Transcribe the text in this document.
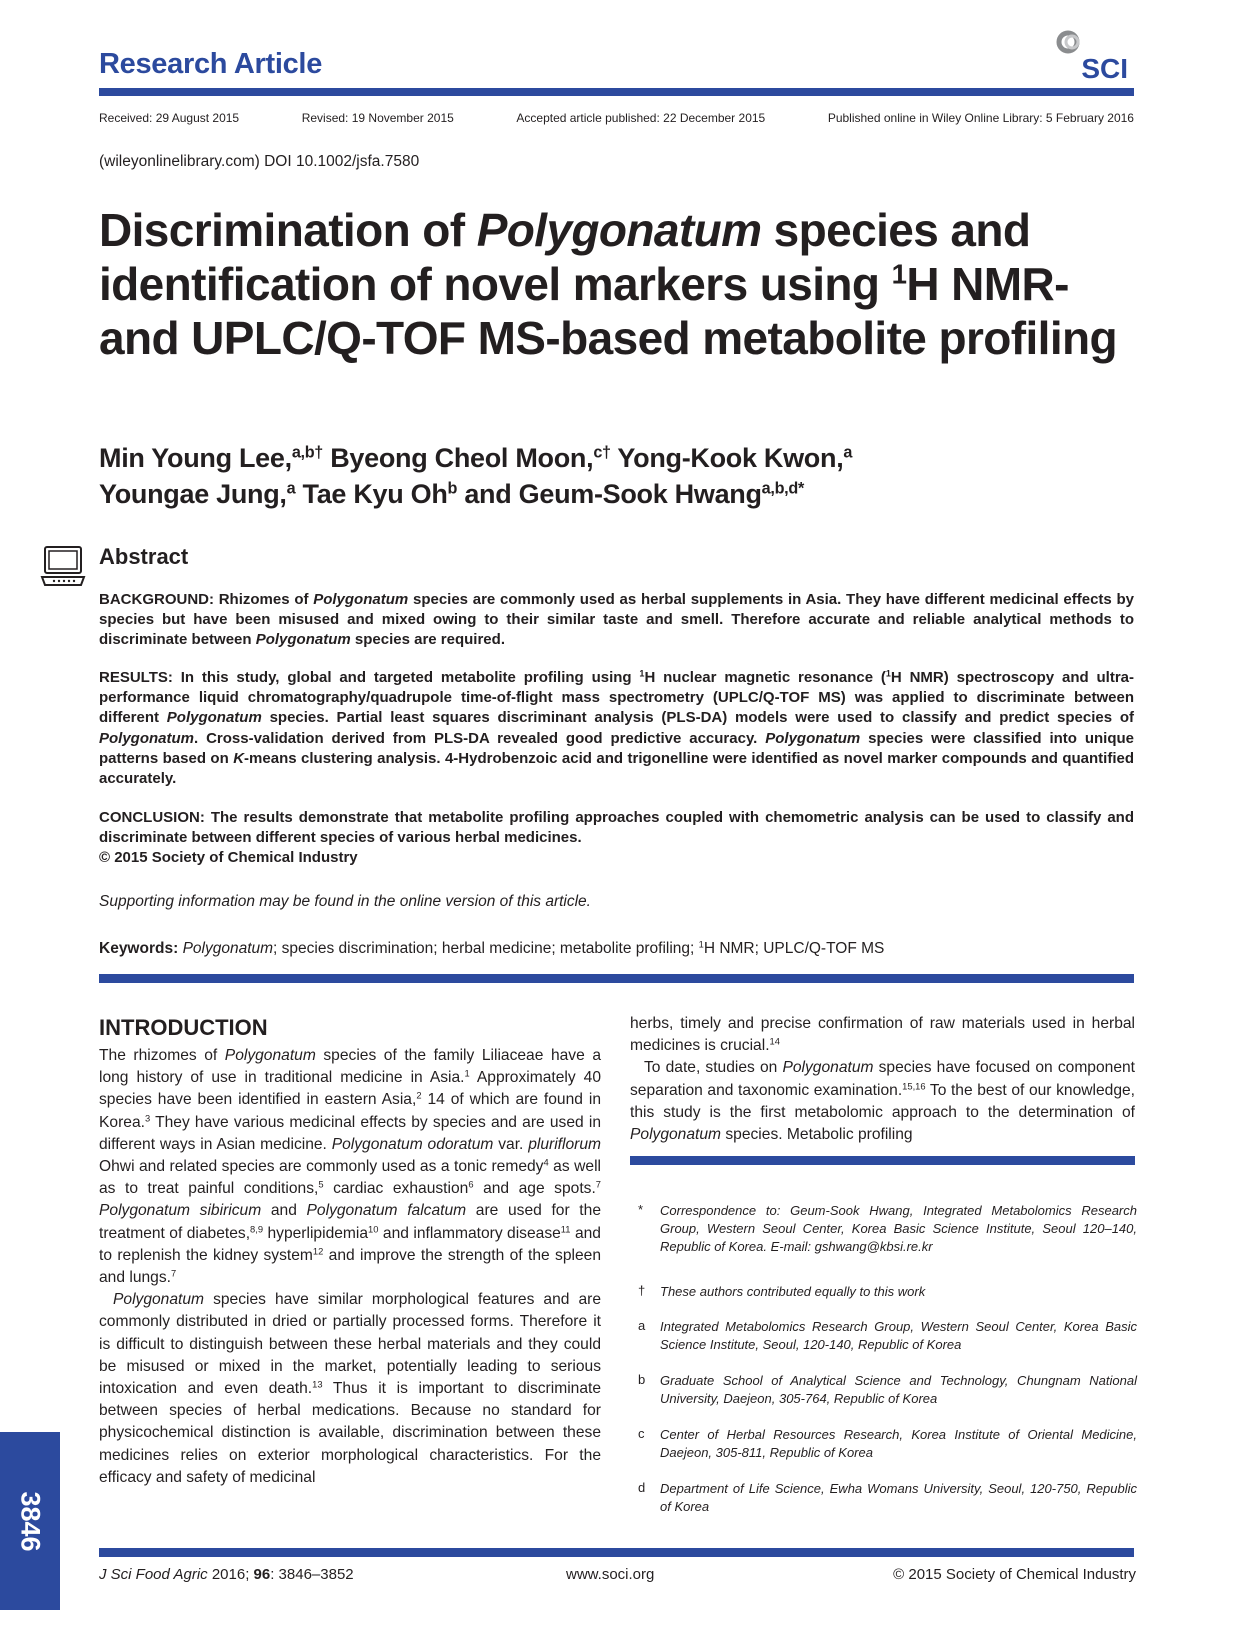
Research Article	SCI
Received: 29 August 2015	Revised: 19 November 2015	Accepted article published: 22 December 2015	Published online in Wiley Online Library: 5 February 2016
(wileyonlinelibrary.com) DOI 10.1002/jsfa.7580
Discrimination of Polygonatum species and identification of novel markers using $^1$H NMR- and UPLC/Q-TOF MS-based metabolite profiling
Min Young Lee,$^{a,b\dagger}$ Byeong Cheol Moon,$^{c\dagger}$ Yong-Kook Kwon,$^a$
Youngae Jung,$^a$ Tae Kyu Oh$^b$ and Geum-Sook Hwang$^{a,b,d*}$
Abstract
BACKGROUND: Rhizomes of Polygonatum species are commonly used as herbal supplements in Asia. They have different medicinal effects by species but have been misused and mixed owing to their similar taste and smell. Therefore accurate and reliable analytical methods to discriminate between Polygonatum species are required.
RESULTS: In this study, global and targeted metabolite profiling using $^1$H nuclear magnetic resonance ($^1$H NMR) spectroscopy and ultra-performance liquid chromatography/quadrupole time-of-flight mass spectrometry (UPLC/Q-TOF MS) was applied to discriminate between different Polygonatum species. Partial least squares discriminant analysis (PLS-DA) models were used to classify and predict species of Polygonatum. Cross-validation derived from PLS-DA revealed good predictive accuracy. Polygonatum species were classified into unique patterns based on K-means clustering analysis. 4-Hydrobenzoic acid and trigonelline were identified as novel marker compounds and quantified accurately.
CONCLUSION: The results demonstrate that metabolite profiling approaches coupled with chemometric analysis can be used to classify and discriminate between different species of various herbal medicines.
© 2015 Society of Chemical Industry
Supporting information may be found in the online version of this article.
Keywords: Polygonatum; species discrimination; herbal medicine; metabolite profiling; $^1$H NMR; UPLC/Q-TOF MS
INTRODUCTION

The rhizomes of Polygonatum species of the family Liliaceae have a long history of use in traditional medicine in Asia.$^1$ Approximately 40 species have been identified in eastern Asia,$^2$ 14 of which are found in Korea.$^3$ They have various medicinal effects by species and are used in different ways in Asian medicine. Polygonatum odoratum var. pluriflorum Ohwi and related species are commonly used as a tonic remedy$^4$ as well as to treat painful conditions,$^5$ cardiac exhaustion$^6$ and age spots.$^7$ Polygonatum sibiricum and Polygonatum falcatum are used for the treatment of diabetes,$^{8,9}$ hyperlipidemia$^{10}$ and inflammatory disease$^{11}$ and to replenish the kidney system$^{12}$ and improve the strength of the spleen and lungs.$^7$

Polygonatum species have similar morphological features and are commonly distributed in dried or partially processed forms. Therefore it is difficult to distinguish between these herbal materials and they could be misused or mixed in the market, potentially leading to serious intoxication and even death.$^{13}$ Thus it is important to discriminate between species of herbal medications. Because no standard for physicochemical distinction is available, discrimination between these medicines relies on exterior morphological characteristics. For the efficacy and safety of medicinal

herbs, timely and precise confirmation of raw materials used in herbal medicines is crucial.$^{14}$

To date, studies on Polygonatum species have focused on component separation and taxonomic examination.$^{15,16}$ To the best of our knowledge, this study is the first metabolomic approach to the determination of Polygonatum species. Metabolic profiling

* Correspondence to: Geum-Sook Hwang, Integrated Metabolomics Research Group, Western Seoul Center, Korea Basic Science Institute, Seoul 120–140, Republic of Korea. E-mail: gshwang@kbsi.re.kr
† These authors contributed equally to this work
a Integrated Metabolomics Research Group, Western Seoul Center, Korea Basic Science Institute, Seoul, 120-140, Republic of Korea
b Graduate School of Analytical Science and Technology, Chungnam National University, Daejeon, 305-764, Republic of Korea
c Center of Herbal Resources Research, Korea Institute of Oriental Medicine, Daejeon, 305-811, Republic of Korea
d Department of Life Science, Ewha Womans University, Seoul, 120-750, Republic of Korea
3846
J Sci Food Agric 2016; 96: 3846–3852	www.soci.org	© 2015 Society of Chemical Industry
